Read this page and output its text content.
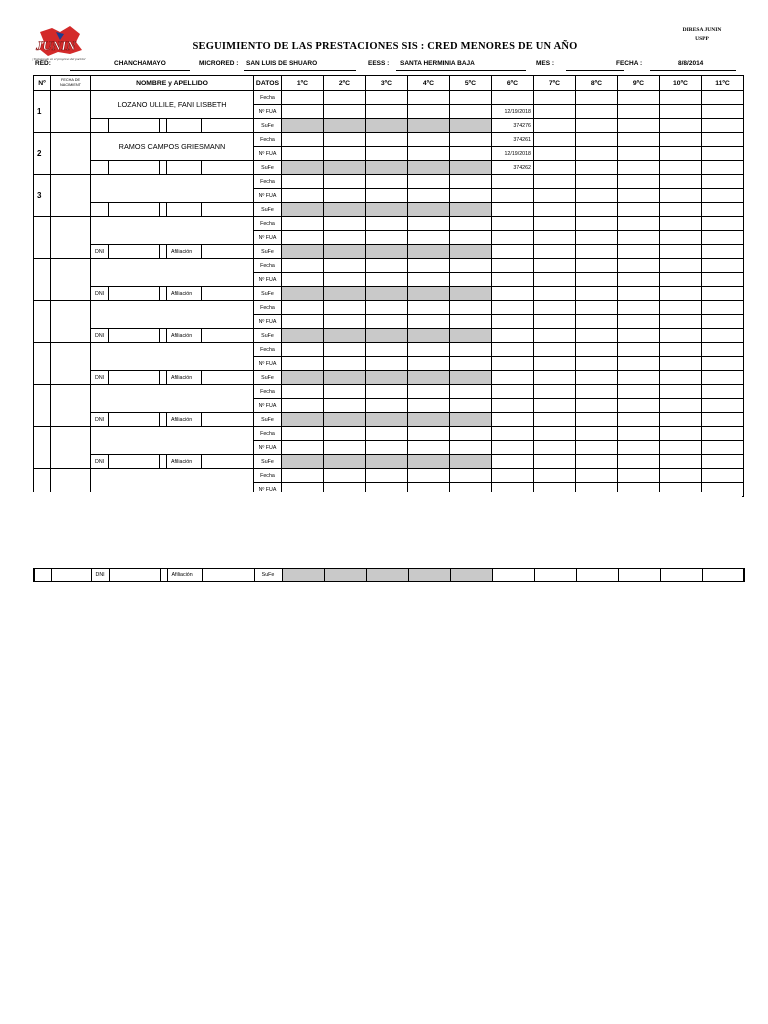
JUNIN
¡Trabajando en el progreso del pueblo!
DIRESA JUNIN
USPP
SEGUIMIENTO DE LAS PRESTACIONES SIS : CRED MENORES DE UN AÑO
RED:	CHANCHAMAYO	MICRORED : SAN LUIS DE SHUARO	EESS : SANTA HERMINIA BAJA	MES :	FECHA :	8/8/2014
Nº	FECHA DE NACIMIENT	NOMBRE y APELLIDO					DATOS	1ºC	2ºC	3ºC	4ºC	5ºC	6ºC	7ºC	8ºC	9ºC	10ºC	11ºC
1		LOZANO ULLILE, FANI LISBETH					Fecha											
							Nº FUA						12/19/2018					
							SuFe						374276					
2		RAMOS CAMPOS GRIESMANN					Fecha						374261					
							Nº FUA						12/19/2018					
							SuFe						374262					
3							Fecha											
							Nº FUA											
							SuFe											
							Fecha											
							Nº FUA											
		DNI			Afiliación		SuFe											
							Fecha											
							Nº FUA											
		DNI			Afiliación		SuFe											
							Fecha											
							Nº FUA											
		DNI			Afiliación		SuFe											
							Fecha											
							Nº FUA											
		DNI			Afiliación		SuFe											
							Fecha											
							Nº FUA											
		DNI			Afiliación		SuFe											
							Fecha											
							Nº FUA											
		DNI			Afiliación		SuFe											
							Fecha											
							Nº FUA											
		DNI			Afiliación		SuFe											
